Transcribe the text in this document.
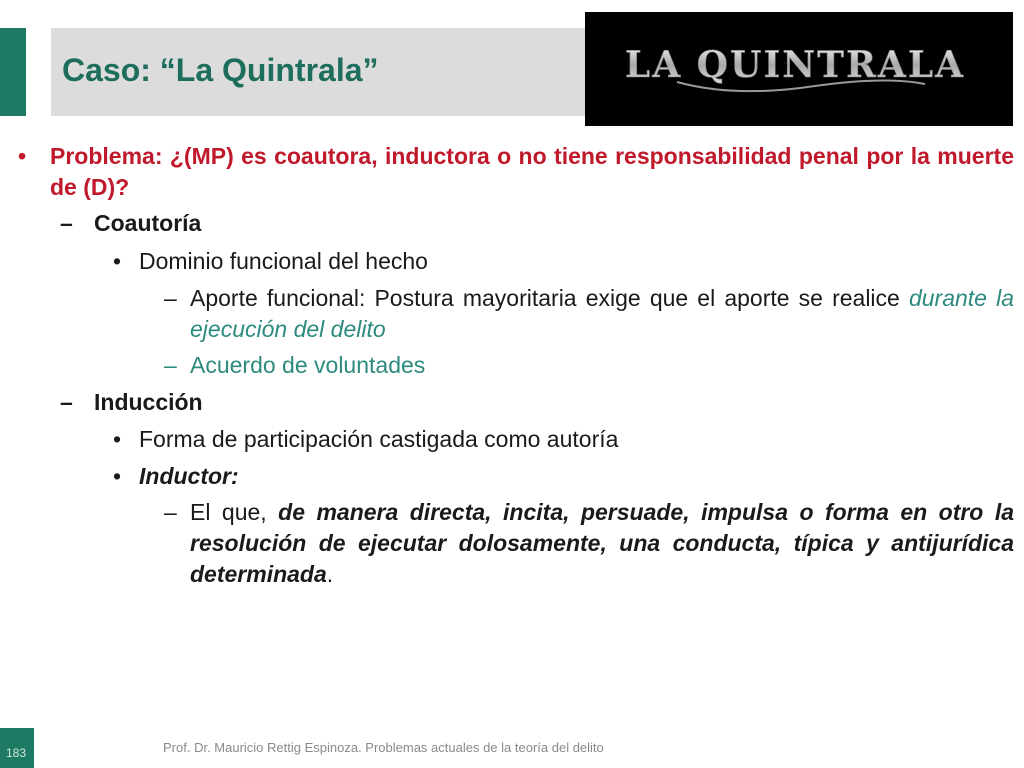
Caso: “La Quintrala”	LA QUINTRALA
•	Problema: ¿(MP) es coautora, inductora o no tiene responsabilidad penal por la muerte de (D)?
– Coautoría
• Dominio funcional del hecho
– Aporte funcional: Postura mayoritaria exige que el aporte se realice durante la ejecución del delito
– Acuerdo de voluntades
– Inducción
• Forma de participación castigada como autoría
• Inductor:
– El que, de manera directa, incita, persuade, impulsa o forma en otro la resolución de ejecutar dolosamente, una conducta, típica y antijurídica determinada.
183	Prof. Dr. Mauricio Rettig Espinoza. Problemas actuales de la teoría del delito
